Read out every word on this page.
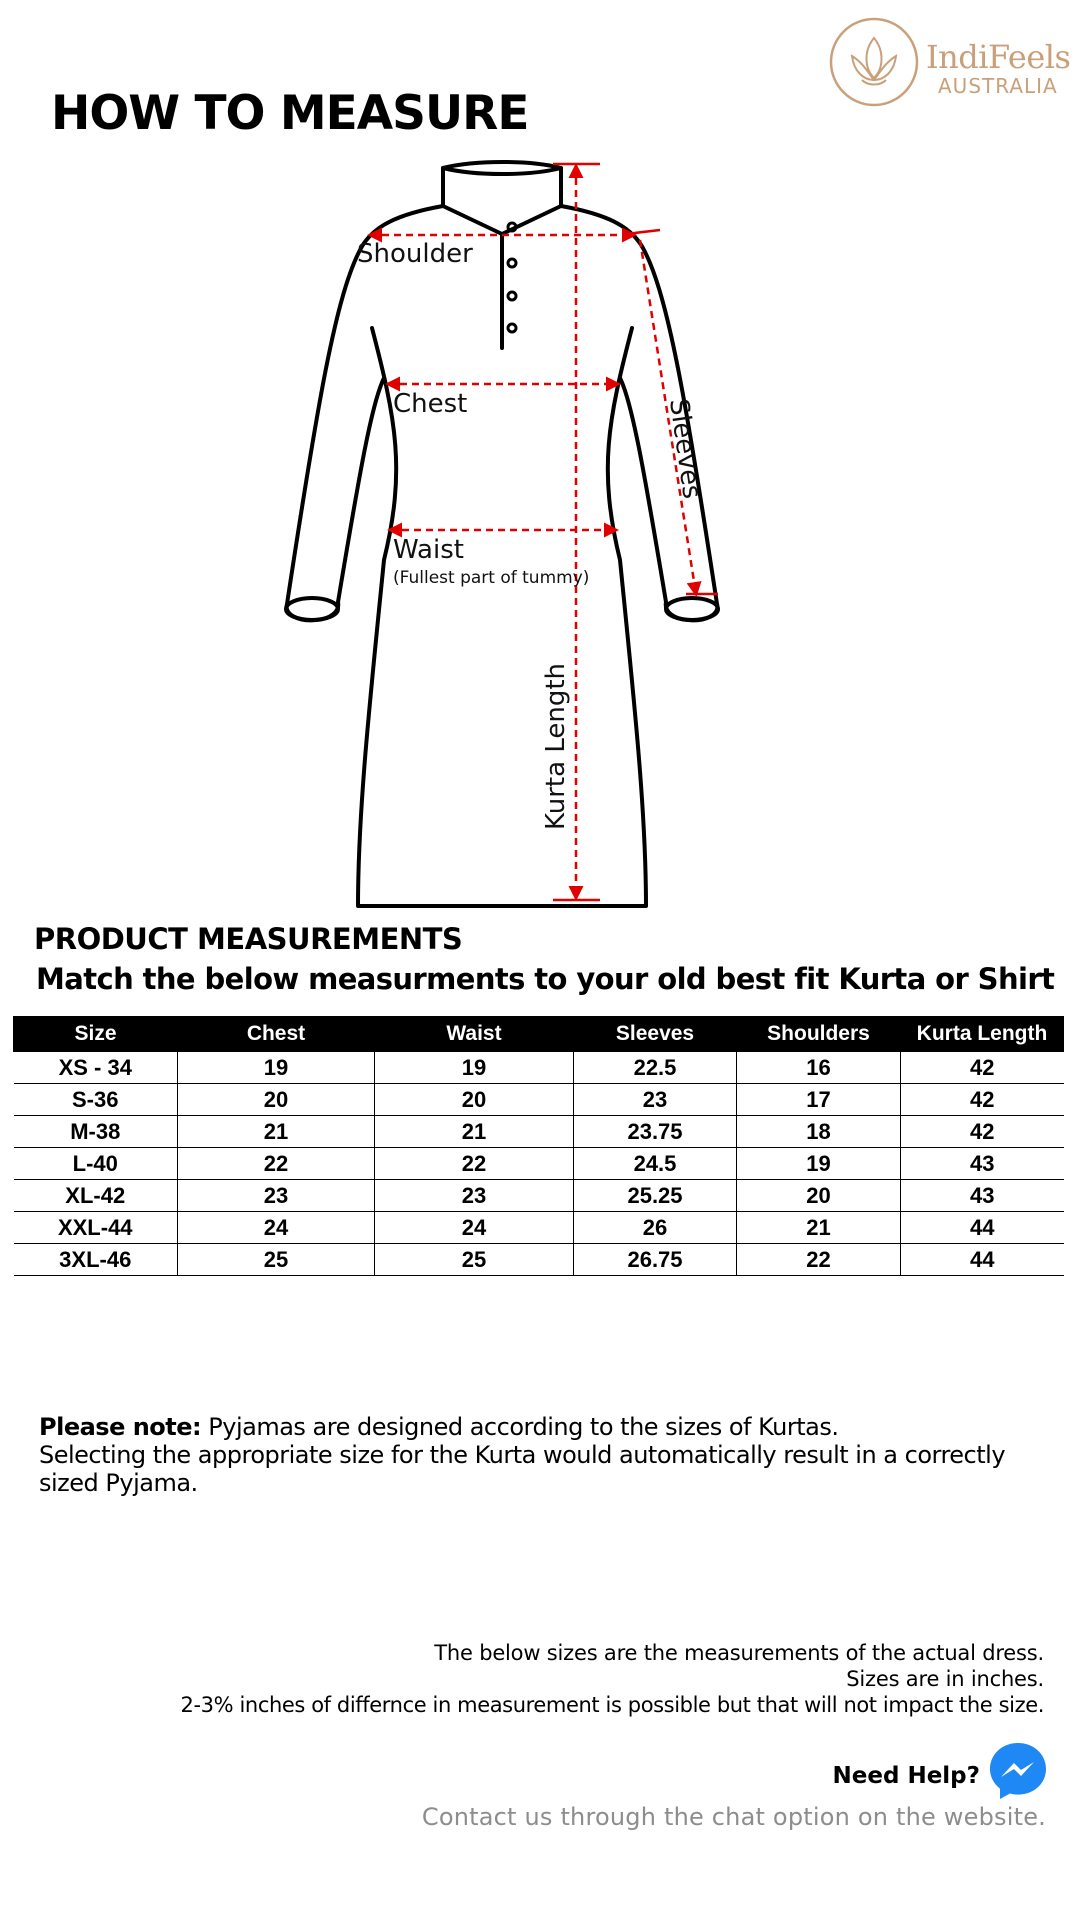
IndiFeels
AUSTRALIA
HOW TO MEASURE
Shoulder
Chest
Waist
(Fullest part of tummy)
Sleeves
Kurta Length
PRODUCT MEASUREMENTS
Match the below measurments to your old best fit Kurta or Shirt
Size	Chest	Waist	Sleeves	Shoulders	Kurta Length
XS - 34	19	19	22.5	16	42
S-36	20	20	23	17	42
M-38	21	21	23.75	18	42
L-40	22	22	24.5	19	43
XL-42	23	23	25.25	20	43
XXL-44	24	24	26	21	44
3XL-46	25	25	26.75	22	44
Please note: Pyjamas are designed according to the sizes of Kurtas.
Selecting the appropriate size for the Kurta would automatically result in a correctly sized Pyjama.
The below sizes are the measurements of the actual dress.
Sizes are in inches.
2-3% inches of differnce in measurement is possible but that will not impact the size.
Need Help?
Contact us through the chat option on the website.
